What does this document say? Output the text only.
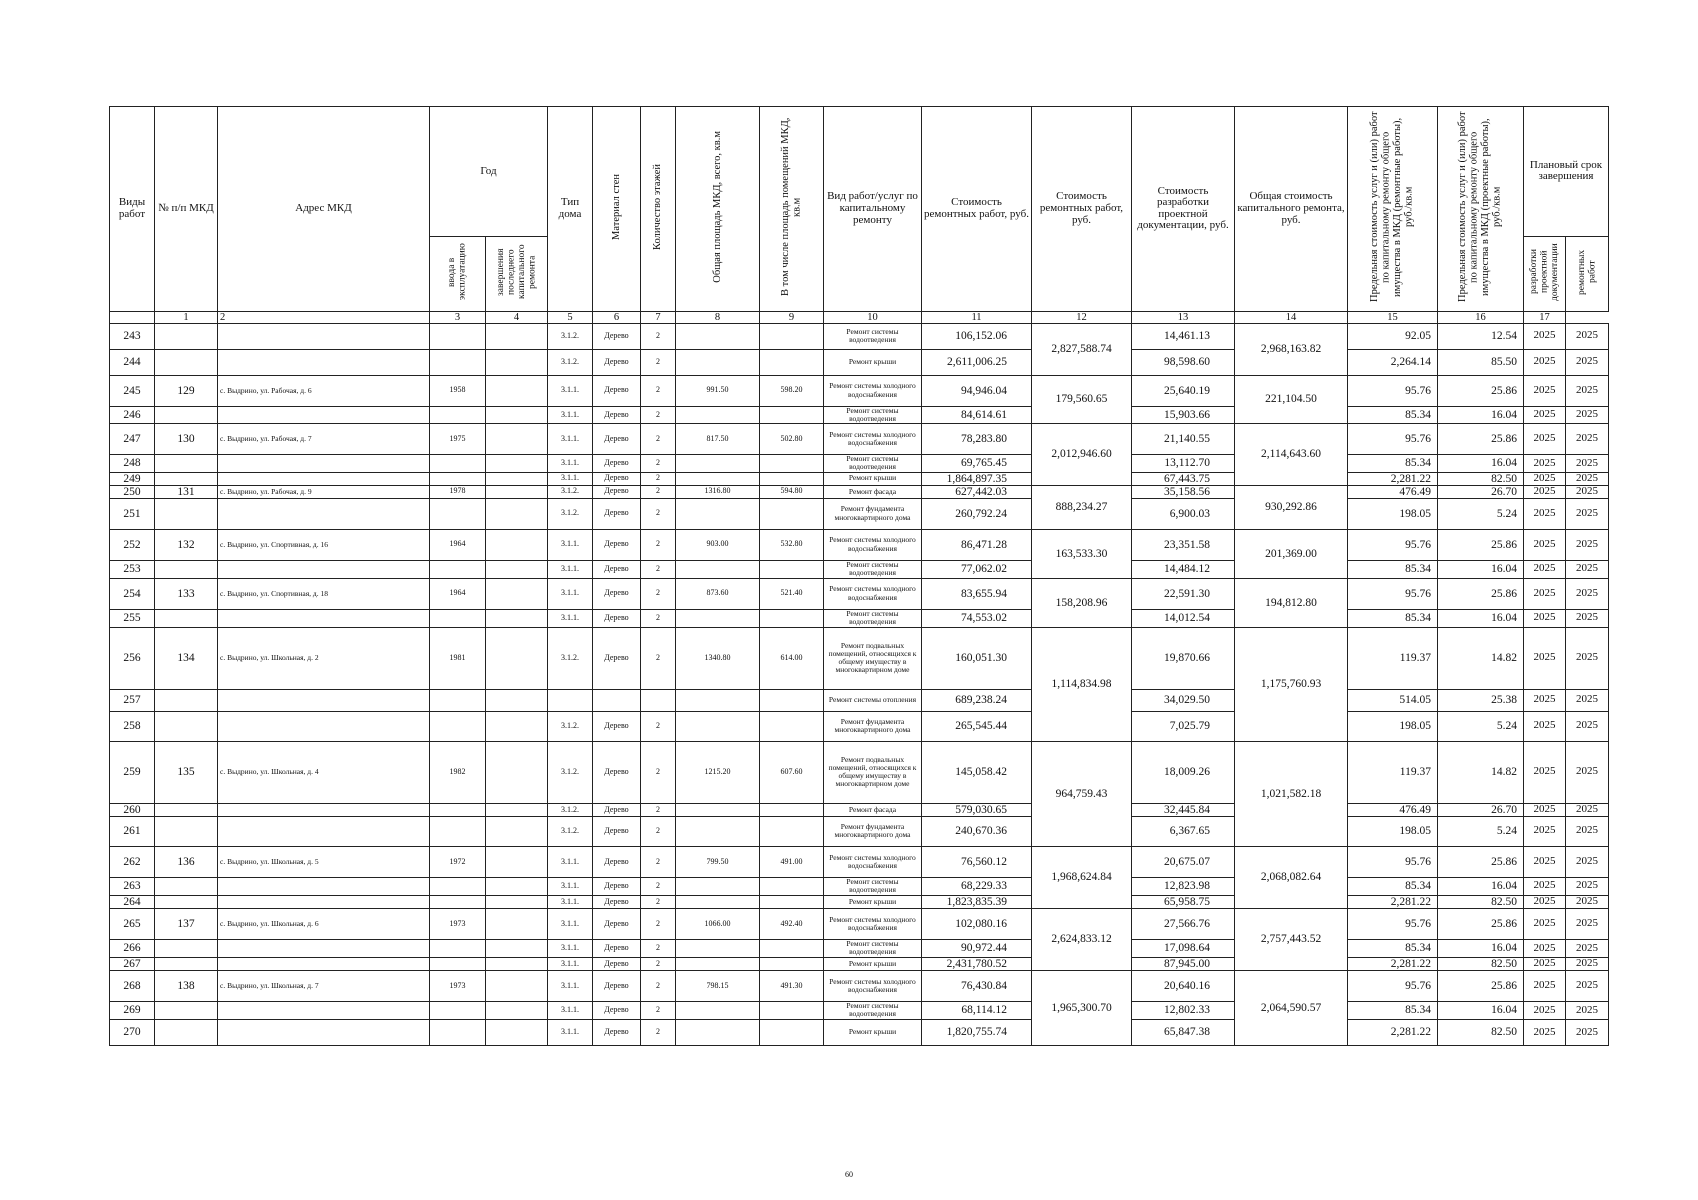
Виды работ	№ п/п МКД	Адрес МКД	Год		Тип дома	Материал стен	Количество этажей	Общая площадь МКД, всего, кв.м	В том числе площадь помещений МКД, кв.м	Вид работ/услуг по капитальному ремонту	Стоимость ремонтных работ, руб.	Стоимость ремонтных работ, руб.	Стоимость разработки проектной документации, руб.	Общая стоимость капитального ремонта, руб.	Предельная стоимость услуг и (или) работ по капитальному ремонту общего имущества в МКД (ремонтные работы), руб./кв.м	Предельная стоимость услуг и (или) работ по капитальному ремонту общего имущества в МКД (проектные работы), руб./кв.м	Плановый срок завершения	
			ввода в эксплуатацию	завершения последнего капитального ремонта													разработки проектной документации	ремонтных работ
	1	2	3	4	5	6	7	8	9	10	11	12	13	14	15	16	17	
243					3.1.2.	Дерево	2			Ремонт системы водоотведения	106,152.06	2,827,588.74	14,461.13	2,968,163.82	92.05	12.54	2025	2025
244					3.1.2.	Дерево	2			Ремонт крыши	2,611,006.25		98,598.60		2,264.14	85.50	2025	2025
245	129	с. Выдрино, ул. Рабочая, д. 6	1958		3.1.1.	Дерево	2	991.50	598.20	Ремонт системы холодного водоснабжения	94,946.04	179,560.65	25,640.19	221,104.50	95.76	25.86	2025	2025
246					3.1.1.	Дерево	2			Ремонт системы водоотведения	84,614.61		15,903.66		85.34	16.04	2025	2025
247	130	с. Выдрино, ул. Рабочая, д. 7	1975		3.1.1.	Дерево	2	817.50	502.80	Ремонт системы холодного водоснабжения	78,283.80	2,012,946.60	21,140.55	2,114,643.60	95.76	25.86	2025	2025
248					3.1.1.	Дерево	2			Ремонт системы водоотведения	69,765.45		13,112.70		85.34	16.04	2025	2025
249					3.1.1.	Дерево	2			Ремонт крыши	1,864,897.35		67,443.75		2,281.22	82.50	2025	2025
250	131	с. Выдрино, ул. Рабочая, д. 9	1978		3.1.2.	Дерево	2	1316.80	594.80	Ремонт фасада	627,442.03	888,234.27	35,158.56	930,292.86	476.49	26.70	2025	2025
251					3.1.2.	Дерево	2			Ремонт фундамента многоквартирного дома	260,792.24		6,900.03		198.05	5.24	2025	2025
252	132	с. Выдрино, ул. Спортивная, д. 16	1964		3.1.1.	Дерево	2	903.00	532.80	Ремонт системы холодного водоснабжения	86,471.28	163,533.30	23,351.58	201,369.00	95.76	25.86	2025	2025
253					3.1.1.	Дерево	2			Ремонт системы водоотведения	77,062.02		14,484.12		85.34	16.04	2025	2025
254	133	с. Выдрино, ул. Спортивная, д. 18	1964		3.1.1.	Дерево	2	873.60	521.40	Ремонт системы холодного водоснабжения	83,655.94	158,208.96	22,591.30	194,812.80	95.76	25.86	2025	2025
255					3.1.1.	Дерево	2			Ремонт системы водоотведения	74,553.02		14,012.54		85.34	16.04	2025	2025
256	134	с. Выдрино, ул. Школьная, д. 2	1981		3.1.2.	Дерево	2	1340.80	614.00	Ремонт подвальных помещений, относящихся к общему имуществу в многоквартирном доме	160,051.30	1,114,834.98	19,870.66	1,175,760.93	119.37	14.82	2025	2025
257										Ремонт системы отопления	689,238.24		34,029.50		514.05	25.38	2025	2025
258					3.1.2.	Дерево	2			Ремонт фундамента многоквартирного дома	265,545.44		7,025.79		198.05	5.24	2025	2025
259	135	с. Выдрино, ул. Школьная, д. 4	1982		3.1.2.	Дерево	2	1215.20	607.60	Ремонт подвальных помещений, относящихся к общему имуществу в многоквартирном доме	145,058.42	964,759.43	18,009.26	1,021,582.18	119.37	14.82	2025	2025
260					3.1.2.	Дерево	2			Ремонт фасада	579,030.65		32,445.84		476.49	26.70	2025	2025
261					3.1.2.	Дерево	2			Ремонт фундамента многоквартирного дома	240,670.36		6,367.65		198.05	5.24	2025	2025
262	136	с. Выдрино, ул. Школьная, д. 5	1972		3.1.1.	Дерево	2	799.50	491.00	Ремонт системы холодного водоснабжения	76,560.12	1,968,624.84	20,675.07	2,068,082.64	95.76	25.86	2025	2025
263					3.1.1.	Дерево	2			Ремонт системы водоотведения	68,229.33		12,823.98		85.34	16.04	2025	2025
264					3.1.1.	Дерево	2			Ремонт крыши	1,823,835.39		65,958.75		2,281.22	82.50	2025	2025
265	137	с. Выдрино, ул. Школьная, д. 6	1973		3.1.1.	Дерево	2	1066.00	492.40	Ремонт системы холодного водоснабжения	102,080.16	2,624,833.12	27,566.76	2,757,443.52	95.76	25.86	2025	2025
266					3.1.1.	Дерево	2			Ремонт системы водоотведения	90,972.44		17,098.64		85.34	16.04	2025	2025
267					3.1.1.	Дерево	2			Ремонт крыши	2,431,780.52		87,945.00		2,281.22	82.50	2025	2025
268	138	с. Выдрино, ул. Школьная, д. 7	1973		3.1.1.	Дерево	2	798.15	491.30	Ремонт системы холодного водоснабжения	76,430.84	1,965,300.70	20,640.16	2,064,590.57	95.76	25.86	2025	2025
269					3.1.1.	Дерево	2			Ремонт системы водоотведения	68,114.12		12,802.33		85.34	16.04	2025	2025
270					3.1.1.	Дерево	2			Ремонт крыши	1,820,755.74		65,847.38		2,281.22	82.50	2025	2025
60
